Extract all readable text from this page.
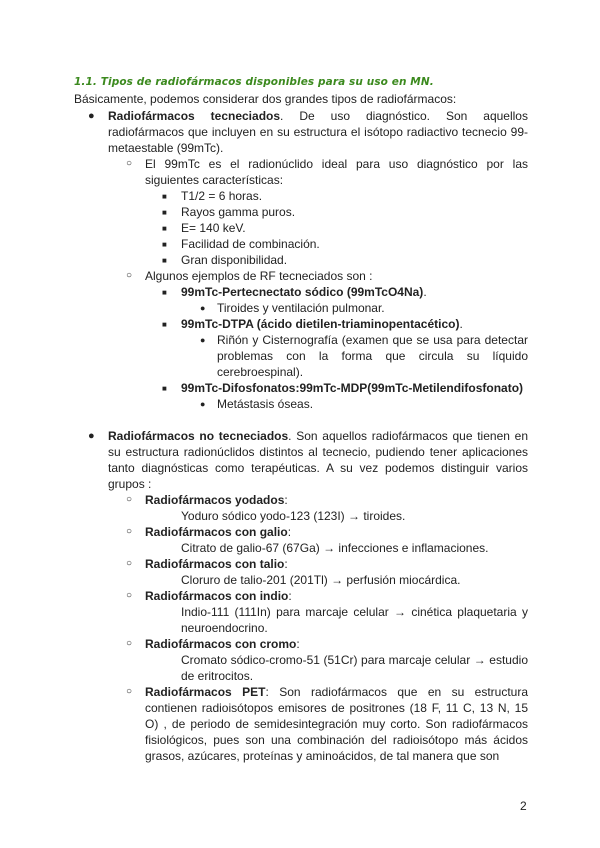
1.1. Tipos de radiofármacos disponibles para su uso en MN.
Básicamente, podemos considerar dos grandes tipos de radiofármacos:
● Radiofármacos tecneciados. De uso diagnóstico. Son aquellos radiofármacos que incluyen en su estructura el isótopo radiactivo tecnecio 99-metaestable (99mTc).
○ El 99mTc es el radionúclido ideal para uso diagnóstico por las siguientes características:
■ T1/2 = 6 horas.
■ Rayos gamma puros.
■ E= 140 keV.
■ Facilidad de combinación.
■ Gran disponibilidad.
○ Algunos ejemplos de RF tecneciados son :
■ 99mTc-Pertecnectato sódico (99mTcO4Na).
● Tiroides y ventilación pulmonar.
■ 99mTc-DTPA (ácido dietilen-triaminopentacético).
● Riñón y Cisternografía (examen que se usa para detectar problemas con la forma que circula su líquido cerebroespinal).
■ 99mTc-Difosfonatos:99mTc-MDP(99mTc-Metilendifosfonato)
● Metástasis óseas.
● Radiofármacos no tecneciados. Son aquellos radiofármacos que tienen en su estructura radionúclidos distintos al tecnecio, pudiendo tener aplicaciones tanto diagnósticas como terapéuticas. A su vez podemos distinguir varios grupos :
○ Radiofármacos yodados:
Yoduro sódico yodo-123 (123I) → tiroides.
○ Radiofármacos con galio:
Citrato de galio-67 (67Ga) → infecciones e inflamaciones.
○ Radiofármacos con talio:
Cloruro de talio-201 (201Tl) → perfusión miocárdica.
○ Radiofármacos con indio:
Indio-111 (111In) para marcaje celular → cinética plaquetaria y neuroendocrino.
○ Radiofármacos con cromo:
Cromato sódico-cromo-51 (51Cr) para marcaje celular → estudio de eritrocitos.
○ Radiofármacos PET: Son radiofármacos que en su estructura contienen radioisótopos emisores de positrones (18 F, 11 C, 13 N, 15 O) , de periodo de semidesintegración muy corto. Son radiofármacos fisiológicos, pues son una combinación del radioisótopo más ácidos grasos, azúcares, proteínas y aminoácidos, de tal manera que son
2
